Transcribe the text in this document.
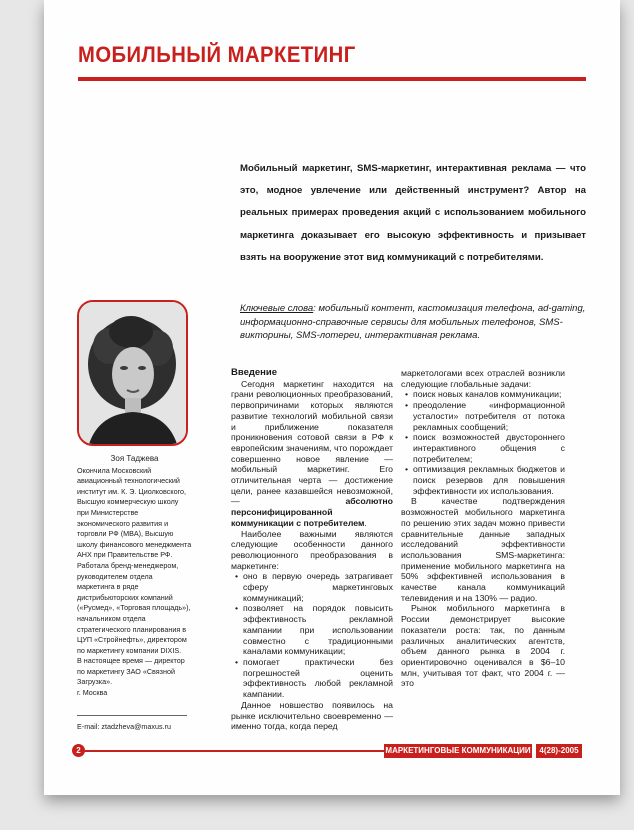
МОБИЛЬНЫЙ МАРКЕТИНГ
Мобильный маркетинг, SMS-маркетинг, интерактивная реклама — что это, модное увлечение или действенный инструмент? Автор на реальных примерах проведения акций с использованием мобильного маркетинга доказывает его высокую эффективность и призывает взять на вооружение этот вид коммуникаций с потребителями.
Ключевые слова: мобильный контент, кастомизация телефона, ad-gaming, информационно-справочные сервисы для мобильных телефонов, SMS-викторины, SMS-лотереи, интерактивная реклама.
Зоя Таджева

Окончила Московский авиационный технологический институт им. К. Э. Циолковского, Высшую коммерческую школу при Министерстве экономического развития и торговли РФ (MBA), Высшую школу финансового менеджмента АНХ при Правительстве РФ.

Работала бренд-менеджером, руководителем отдела маркетинга в ряде дистрибьюторских компаний («Русмед», «Торговая площадь»), начальником отдела стратегического планирования в ЦУП «Стройнефть», директором по маркетингу компании DIXIS.

В настоящее время — директор по маркетингу ЗАО «Связной Загрузка».

г. Москва

E-mail: ztadzheva@maxus.ru
Введение

Сегодня маркетинг находится на грани революционных преобразований, первопричинами которых являются развитие технологий мобильной связи и приближение показателя проникновения сотовой связи в РФ к европейским значениям, что порождает совершенно новое явление — мобильный маркетинг. Его отличительная черта — достижение цели, ранее казавшейся невозможной, — абсолютно персонифицированной коммуникации с потребителем.

Наиболее важными являются следующие особенности данного революционного преобразования в маркетинге:

• оно в первую очередь затрагивает сферу маркетинговых коммуникаций;
• позволяет на порядок повысить эффективность рекламной кампании при использовании совместно с традиционными каналами коммуникации;
• помогает практически без погрешностей оценить эффективность любой рекламной кампании.

Данное новшество появилось на рынке исключительно своевременно — именно тогда, когда перед

маркетологами всех отраслей возникли следующие глобальные задачи:

• поиск новых каналов коммуникации;
• преодоление «информационной усталости» потребителя от потока рекламных сообщений;
• поиск возможностей двустороннего интерактивного общения с потребителем;
• оптимизация рекламных бюджетов и поиск резервов для повышения эффективности их использования.

В качестве подтверждения возможностей мобильного маркетинга по решению этих задач можно привести сравнительные данные западных исследований эффективности использования SMS-маркетинга: применение мобильного маркетинга на 50% эффективней использования в качестве канала коммуникаций телевидения и на 130% — радио.

Рынок мобильного маркетинга в России демонстрирует высокие показатели роста: так, по данным различных аналитических агентств, объем данного рынка в 2004 г. ориентировочно оценивался в $6–10 млн, учитывая тот факт, что 2004 г. — это

2	МАРКЕТИНГОВЫЕ КОММУНИКАЦИИ	4(28)-2005
